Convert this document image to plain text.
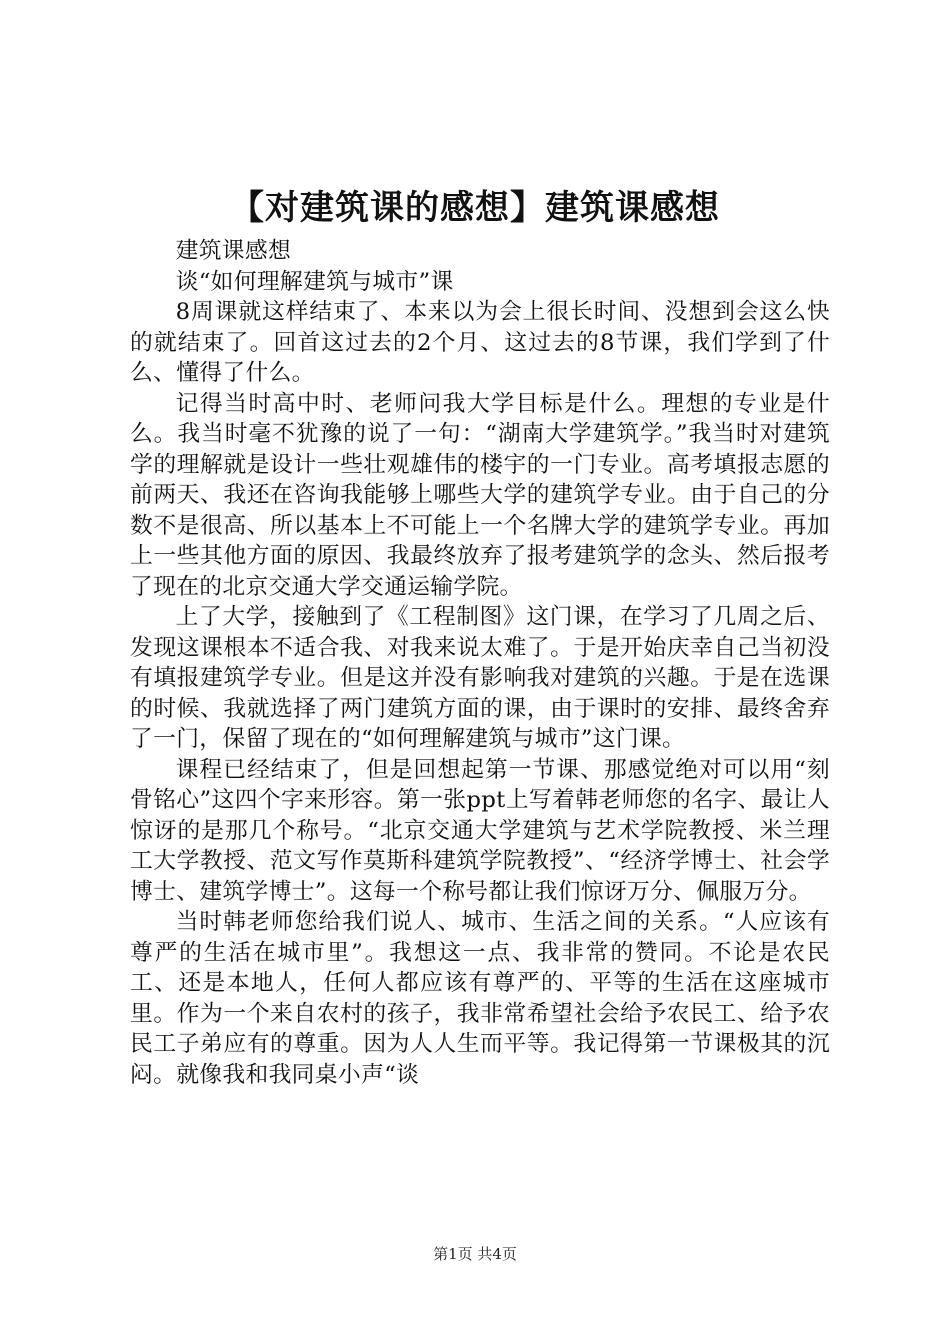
【对建筑课的感想】建筑课感想

建筑课感想

谈“如何理解建筑与城市”课

8周课就这样结束了、本来以为会上很长时间、没想到会这么快的就结束了。回首这过去的2个月、这过去的8节课，我们学到了什么、懂得了什么。

记得当时高中时、老师问我大学目标是什么。理想的专业是什么。我当时毫不犹豫的说了一句：“湖南大学建筑学。”我当时对建筑学的理解就是设计一些壮观雄伟的楼宇的一门专业。高考填报志愿的前两天、我还在咨询我能够上哪些大学的建筑学专业。由于自己的分数不是很高、所以基本上不可能上一个名牌大学的建筑学专业。再加上一些其他方面的原因、我最终放弃了报考建筑学的念头、然后报考了现在的北京交通大学交通运输学院。

上了大学，接触到了《工程制图》这门课，在学习了几周之后、发现这课根本不适合我、对我来说太难了。于是开始庆幸自己当初没有填报建筑学专业。但是这并没有影响我对建筑的兴趣。于是在选课的时候、我就选择了两门建筑方面的课，由于课时的安排、最终舍弃了一门，保留了现在的“如何理解建筑与城市”这门课。

课程已经结束了，但是回想起第一节课、那感觉绝对可以用“刻骨铭心”这四个字来形容。第一张ppt上写着韩老师您的名字、最让人惊讶的是那几个称号。“北京交通大学建筑与艺术学院教授、米兰理工大学教授、范文写作莫斯科建筑学院教授”、“经济学博士、社会学博士、建筑学博士”。这每一个称号都让我们惊讶万分、佩服万分。

当时韩老师您给我们说人、城市、生活之间的关系。“人应该有尊严的生活在城市里”。我想这一点、我非常的赞同。不论是农民工、还是本地人，任何人都应该有尊严的、平等的生活在这座城市里。作为一个来自农村的孩子，我非常希望社会给予农民工、给予农民工子弟应有的尊重。因为人人生而平等。我记得第一节课极其的沉闷。就像我和我同桌小声“谈

第1页 共4页
